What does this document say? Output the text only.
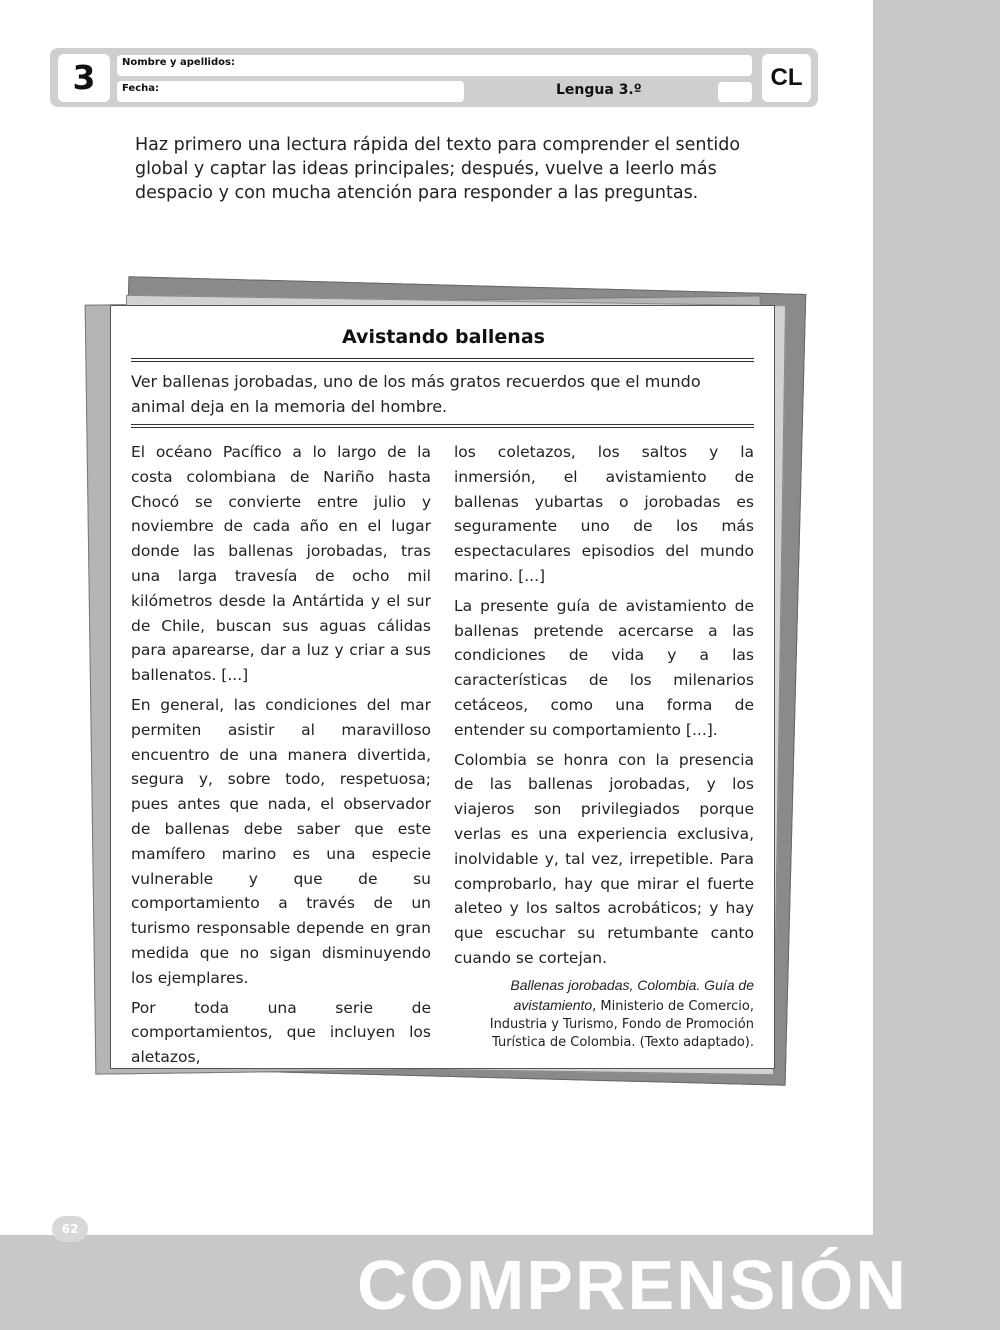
3	Nombre y apellidos:
Fecha:	Lengua 3.º	CL

Haz primero una lectura rápida del texto para comprender el sentido global y captar las ideas principales; después, vuelve a leerlo más despacio y con mucha atención para responder a las preguntas.

Avistando ballenas

Ver ballenas jorobadas, uno de los más gratos recuerdos que el mundo animal deja en la memoria del hombre.

El océano Pacífico a lo largo de la costa colombiana de Nariño hasta Chocó se convierte entre julio y noviembre de cada año en el lugar donde las ballenas jorobadas, tras una larga travesía de ocho mil kilómetros desde la Antártida y el sur de Chile, buscan sus aguas cálidas para aparearse, dar a luz y criar a sus ballenatos. [...]

En general, las condiciones del mar permiten asistir al maravilloso encuentro de una manera divertida, segura y, sobre todo, respetuosa; pues antes que nada, el observador de ballenas debe saber que este mamífero marino es una especie vulnerable y que de su comportamiento a través de un turismo responsable depende en gran medida que no sigan disminuyendo los ejemplares.

Por toda una serie de comportamientos, que incluyen los aletazos,

los coletazos, los saltos y la inmersión, el avistamiento de ballenas yubartas o jorobadas es seguramente uno de los más espectaculares episodios del mundo marino. [...]

La presente guía de avistamiento de ballenas pretende acercarse a las condiciones de vida y a las características de los milenarios cetáceos, como una forma de entender su comportamiento [...].

Colombia se honra con la presencia de las ballenas jorobadas, y los viajeros son privilegiados porque verlas es una experiencia exclusiva, inolvidable y, tal vez, irrepetible. Para comprobarlo, hay que mirar el fuerte aleteo y los saltos acrobáticos; y hay que escuchar su retumbante canto cuando se cortejan.

Ballenas jorobadas, Colombia. Guía de avistamiento, Ministerio de Comercio, Industria y Turismo, Fondo de Promoción Turística de Colombia. (Texto adaptado).
62
COMPRENSIÓN
